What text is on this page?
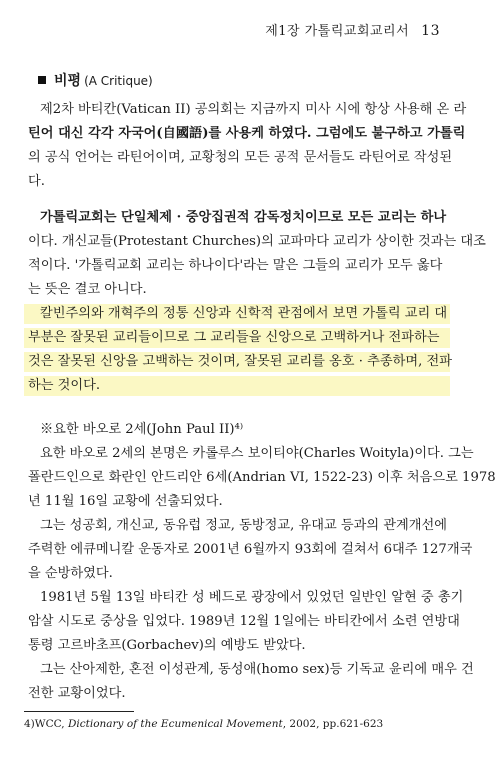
제1장 가톨릭교회교리서 13
비평 (A Critique)
제2차 바티칸(Vatican II) 공의회는 지금까지 미사 시에 항상 사용해 온 라
틴어 대신 각각 자국어(自國語)를 사용케 하였다. 그럼에도 불구하고 가톨릭
의 공식 언어는 라틴어이며, 교황청의 모든 공적 문서들도 라틴어로 작성된
다.
가톨릭교회는 단일체제 · 중앙집권적 감독정치이므로 모든 교리는 하나
이다. 개신교들(Protestant Churches)의 교파마다 교리가 상이한 것과는 대조
적이다. '가톨릭교회 교리는 하나이다'라는 말은 그들의 교리가 모두 옳다
는 뜻은 결코 아니다.
칼빈주의와 개혁주의 정통 신앙과 신학적 관점에서 보면 가톨릭 교리 대
부분은 잘못된 교리들이므로 그 교리들을 신앙으로 고백하거나 전파하는
것은 잘못된 신앙을 고백하는 것이며, 잘못된 교리를 옹호 · 추종하며, 전파
하는 것이다.
※요한 바오로 2세(John Paul II)⁴⁾
요한 바오로 2세의 본명은 카롤루스 보이티야(Charles Woityla)이다. 그는
폴란드인으로 화란인 안드리안 6세(Andrian VI, 1522-23) 이후 처음으로 1978
년 11월 16일 교황에 선출되었다.
그는 성공회, 개신교, 동유럽 정교, 동방정교, 유대교 등과의 관계개선에
주력한 에큐메니칼 운동자로 2001년 6월까지 93회에 걸쳐서 6대주 127개국
을 순방하였다.
1981년 5월 13일 바티칸 성 베드로 광장에서 있었던 일반인 알현 중 총기
암살 시도로 중상을 입었다. 1989년 12월 1일에는 바티칸에서 소련 연방대
통령 고르바초프(Gorbachev)의 예방도 받았다.
그는 산아제한, 혼전 이성관계, 동성애(homo sex)등 기독교 윤리에 매우 건
전한 교황이었다.
4)WCC, Dictionary of the Ecumenical Movement, 2002, pp.621-623
